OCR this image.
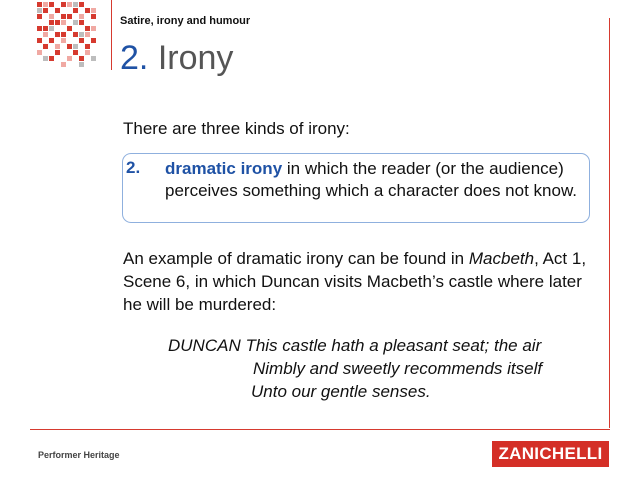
Satire, irony and humour
2. Irony
There are three kinds of irony:
2. dramatic irony in which the reader (or the audience) perceives something which a character does not know.
An example of dramatic irony can be found in Macbeth, Act 1, Scene 6, in which Duncan visits Macbeth’s castle where later he will be murdered:
DUNCAN This castle hath a pleasant seat; the air
Nimbly and sweetly recommends itself
Unto our gentle senses.
Performer Heritage	ZANICHELLI
